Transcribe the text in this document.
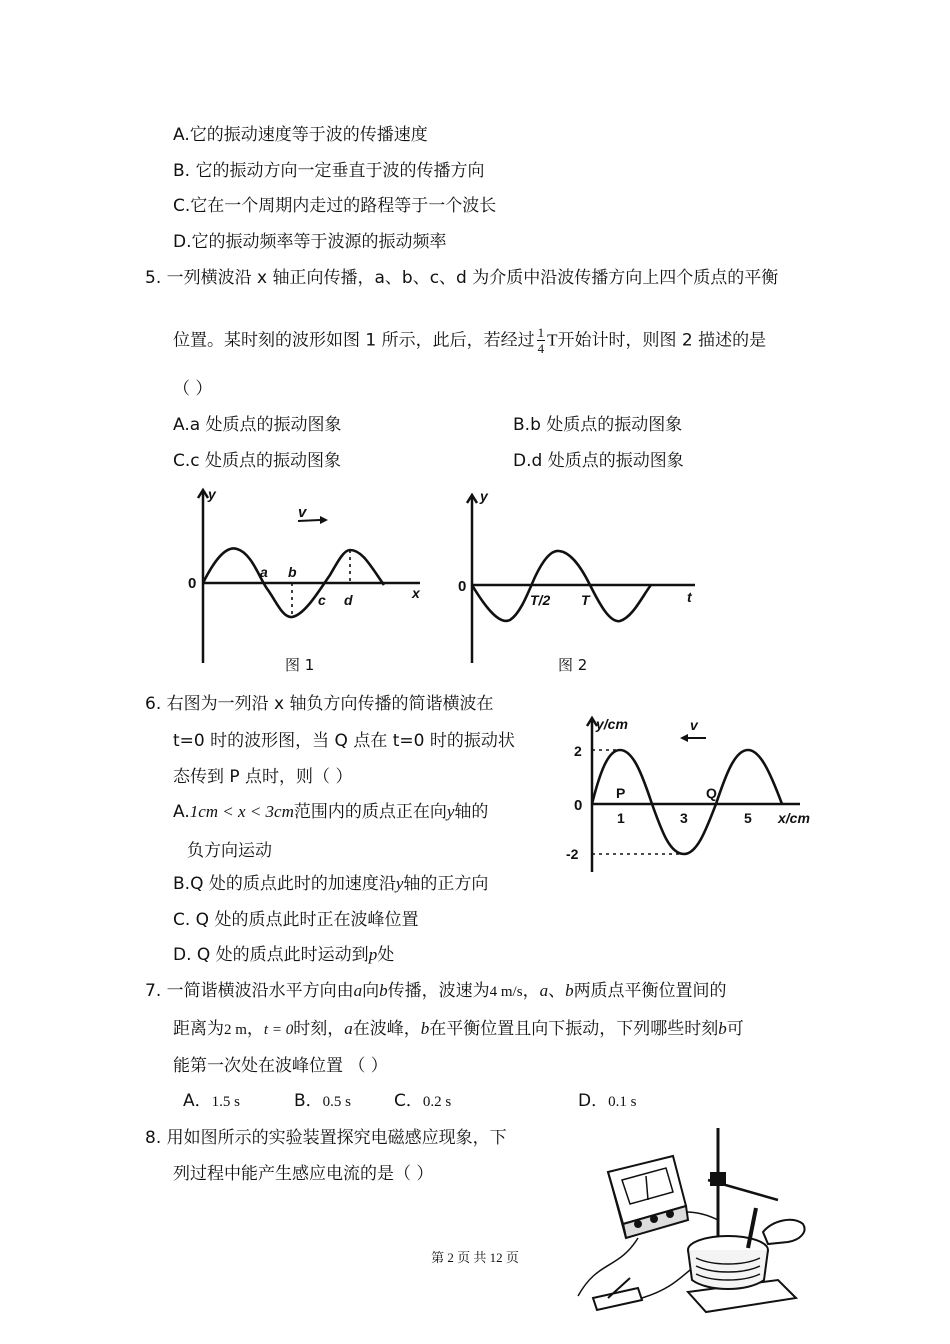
A.它的振动速度等于波的传播速度
B. 它的振动方向一定垂直于波的传播方向
C.它在一个周期内走过的路程等于一个波长
D.它的振动频率等于波源的振动频率
5. 一列横波沿 x 轴正向传播，a、b、c、d 为介质中沿波传播方向上四个质点的平衡
位置。某时刻的波形如图 1 所示，此后，若经过 $\frac{1}{4}$ T开始计时，则图 2 描述的是
（ ）
A.a 处质点的振动图象	B.b 处质点的振动图象
C.c 处质点的振动图象	D.d 处质点的振动图象
y
v
0
a b
c d	x
图 1
y
0
T/2 T	t
图 2
6. 右图为一列沿 x 轴负方向传播的简谐横波在
t=0 时的波形图，当 Q 点在 t=0 时的振动状
态传到 P 点时，则（ ）
A.1cm < x < 3cm范围内的质点正在向y轴的
负方向运动
B.Q 处的质点此时的加速度沿y轴的正方向
C. Q 处的质点此时正在波峰位置
D. Q 处的质点此时运动到p处
y/cm	v
2
0
-2
P	Q
1	3	5 x/cm
7. 一简谐横波沿水平方向由a向b传播，波速为4 m/s，a、b两质点平衡位置间的
距离为2 m，t = 0时刻，a在波峰，b在平衡位置且向下振动，下列哪些时刻b可
能第一次处在波峰位置 （ ）
A．1.5 s	B．0.5 s	C．0.2 s	D．0.1 s
8. 用如图所示的实验装置探究电磁感应现象，下
列过程中能产生感应电流的是（ ）
第 2 页 共 12 页
